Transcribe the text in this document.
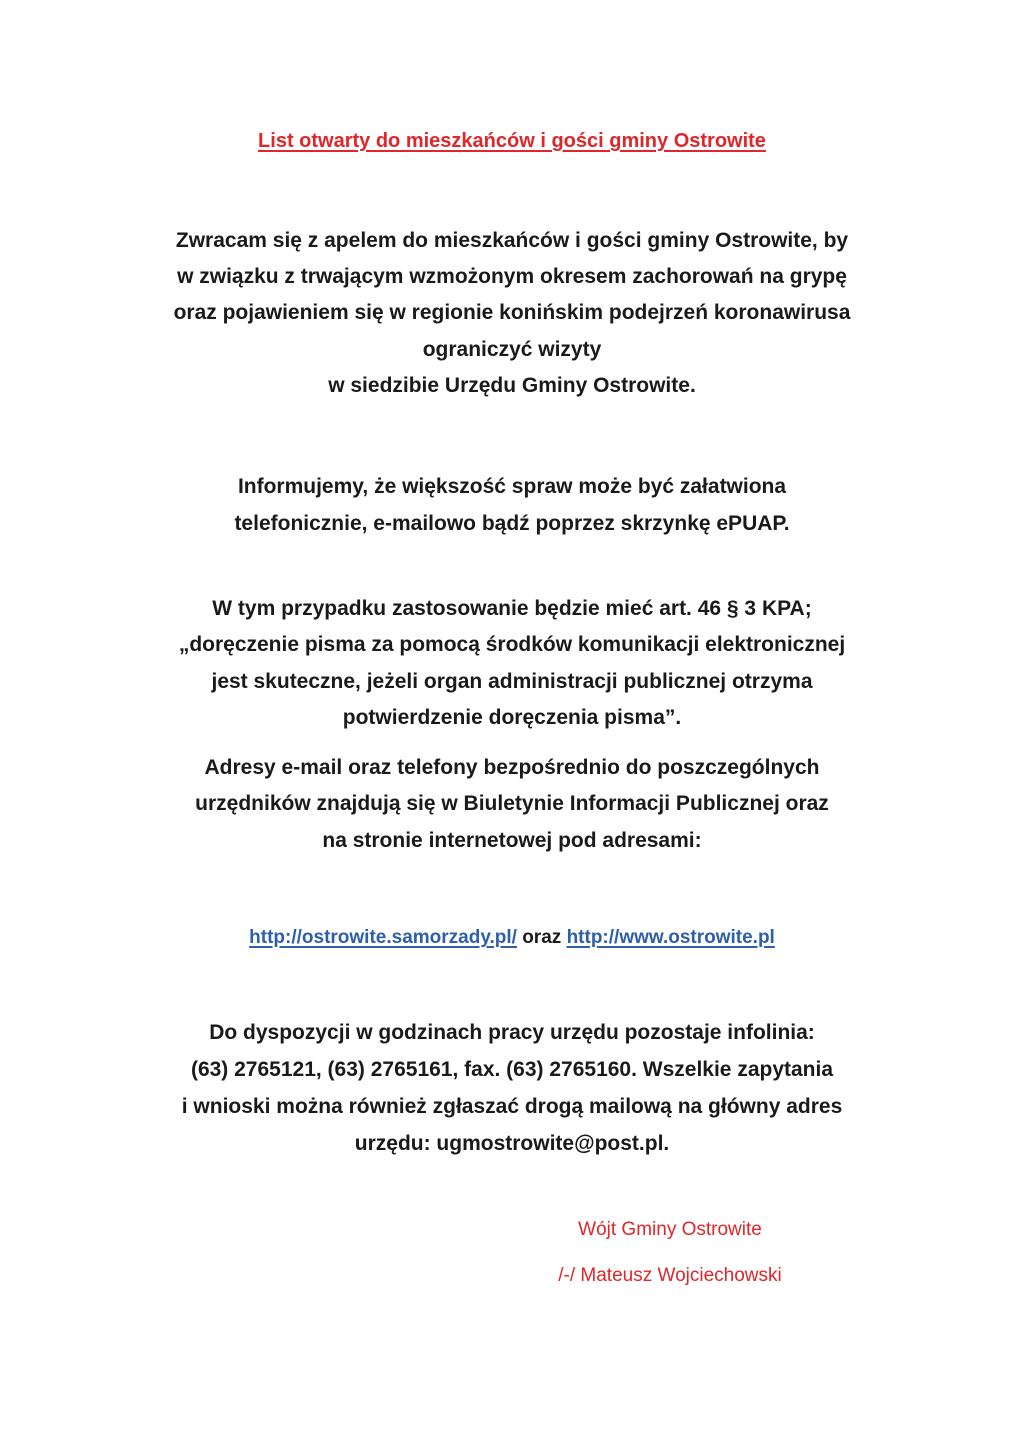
List otwarty do mieszkańców i gości gminy Ostrowite
Zwracam się z apelem do mieszkańców i gości gminy Ostrowite, by
w związku z trwającym wzmożonym okresem zachorowań na grypę
oraz pojawieniem się w regionie konińskim podejrzeń koronawirusa
ograniczyć wizyty
w siedzibie Urzędu Gminy Ostrowite.
Informujemy, że większość spraw może być załatwiona
telefonicznie, e-mailowo bądź poprzez skrzynkę ePUAP.
W tym przypadku zastosowanie będzie mieć art. 46 § 3 KPA;
„doręczenie pisma za pomocą środków komunikacji elektronicznej
jest skuteczne, jeżeli organ administracji publicznej otrzyma
potwierdzenie doręczenia pisma”.
Adresy e-mail oraz telefony bezpośrednio do poszczególnych
urzędników znajdują się w Biuletynie Informacji Publicznej oraz
na stronie internetowej pod adresami:
http://ostrowite.samorzady.pl/ oraz http://www.ostrowite.pl
Do dyspozycji w godzinach pracy urzędu pozostaje infolinia:
(63) 2765121, (63) 2765161, fax. (63) 2765160. Wszelkie zapytania
i wnioski można również zgłaszać drogą mailową na główny adres
urzędu: ugmostrowite@post.pl.
Wójt Gminy Ostrowite
/-/ Mateusz Wojciechowski
